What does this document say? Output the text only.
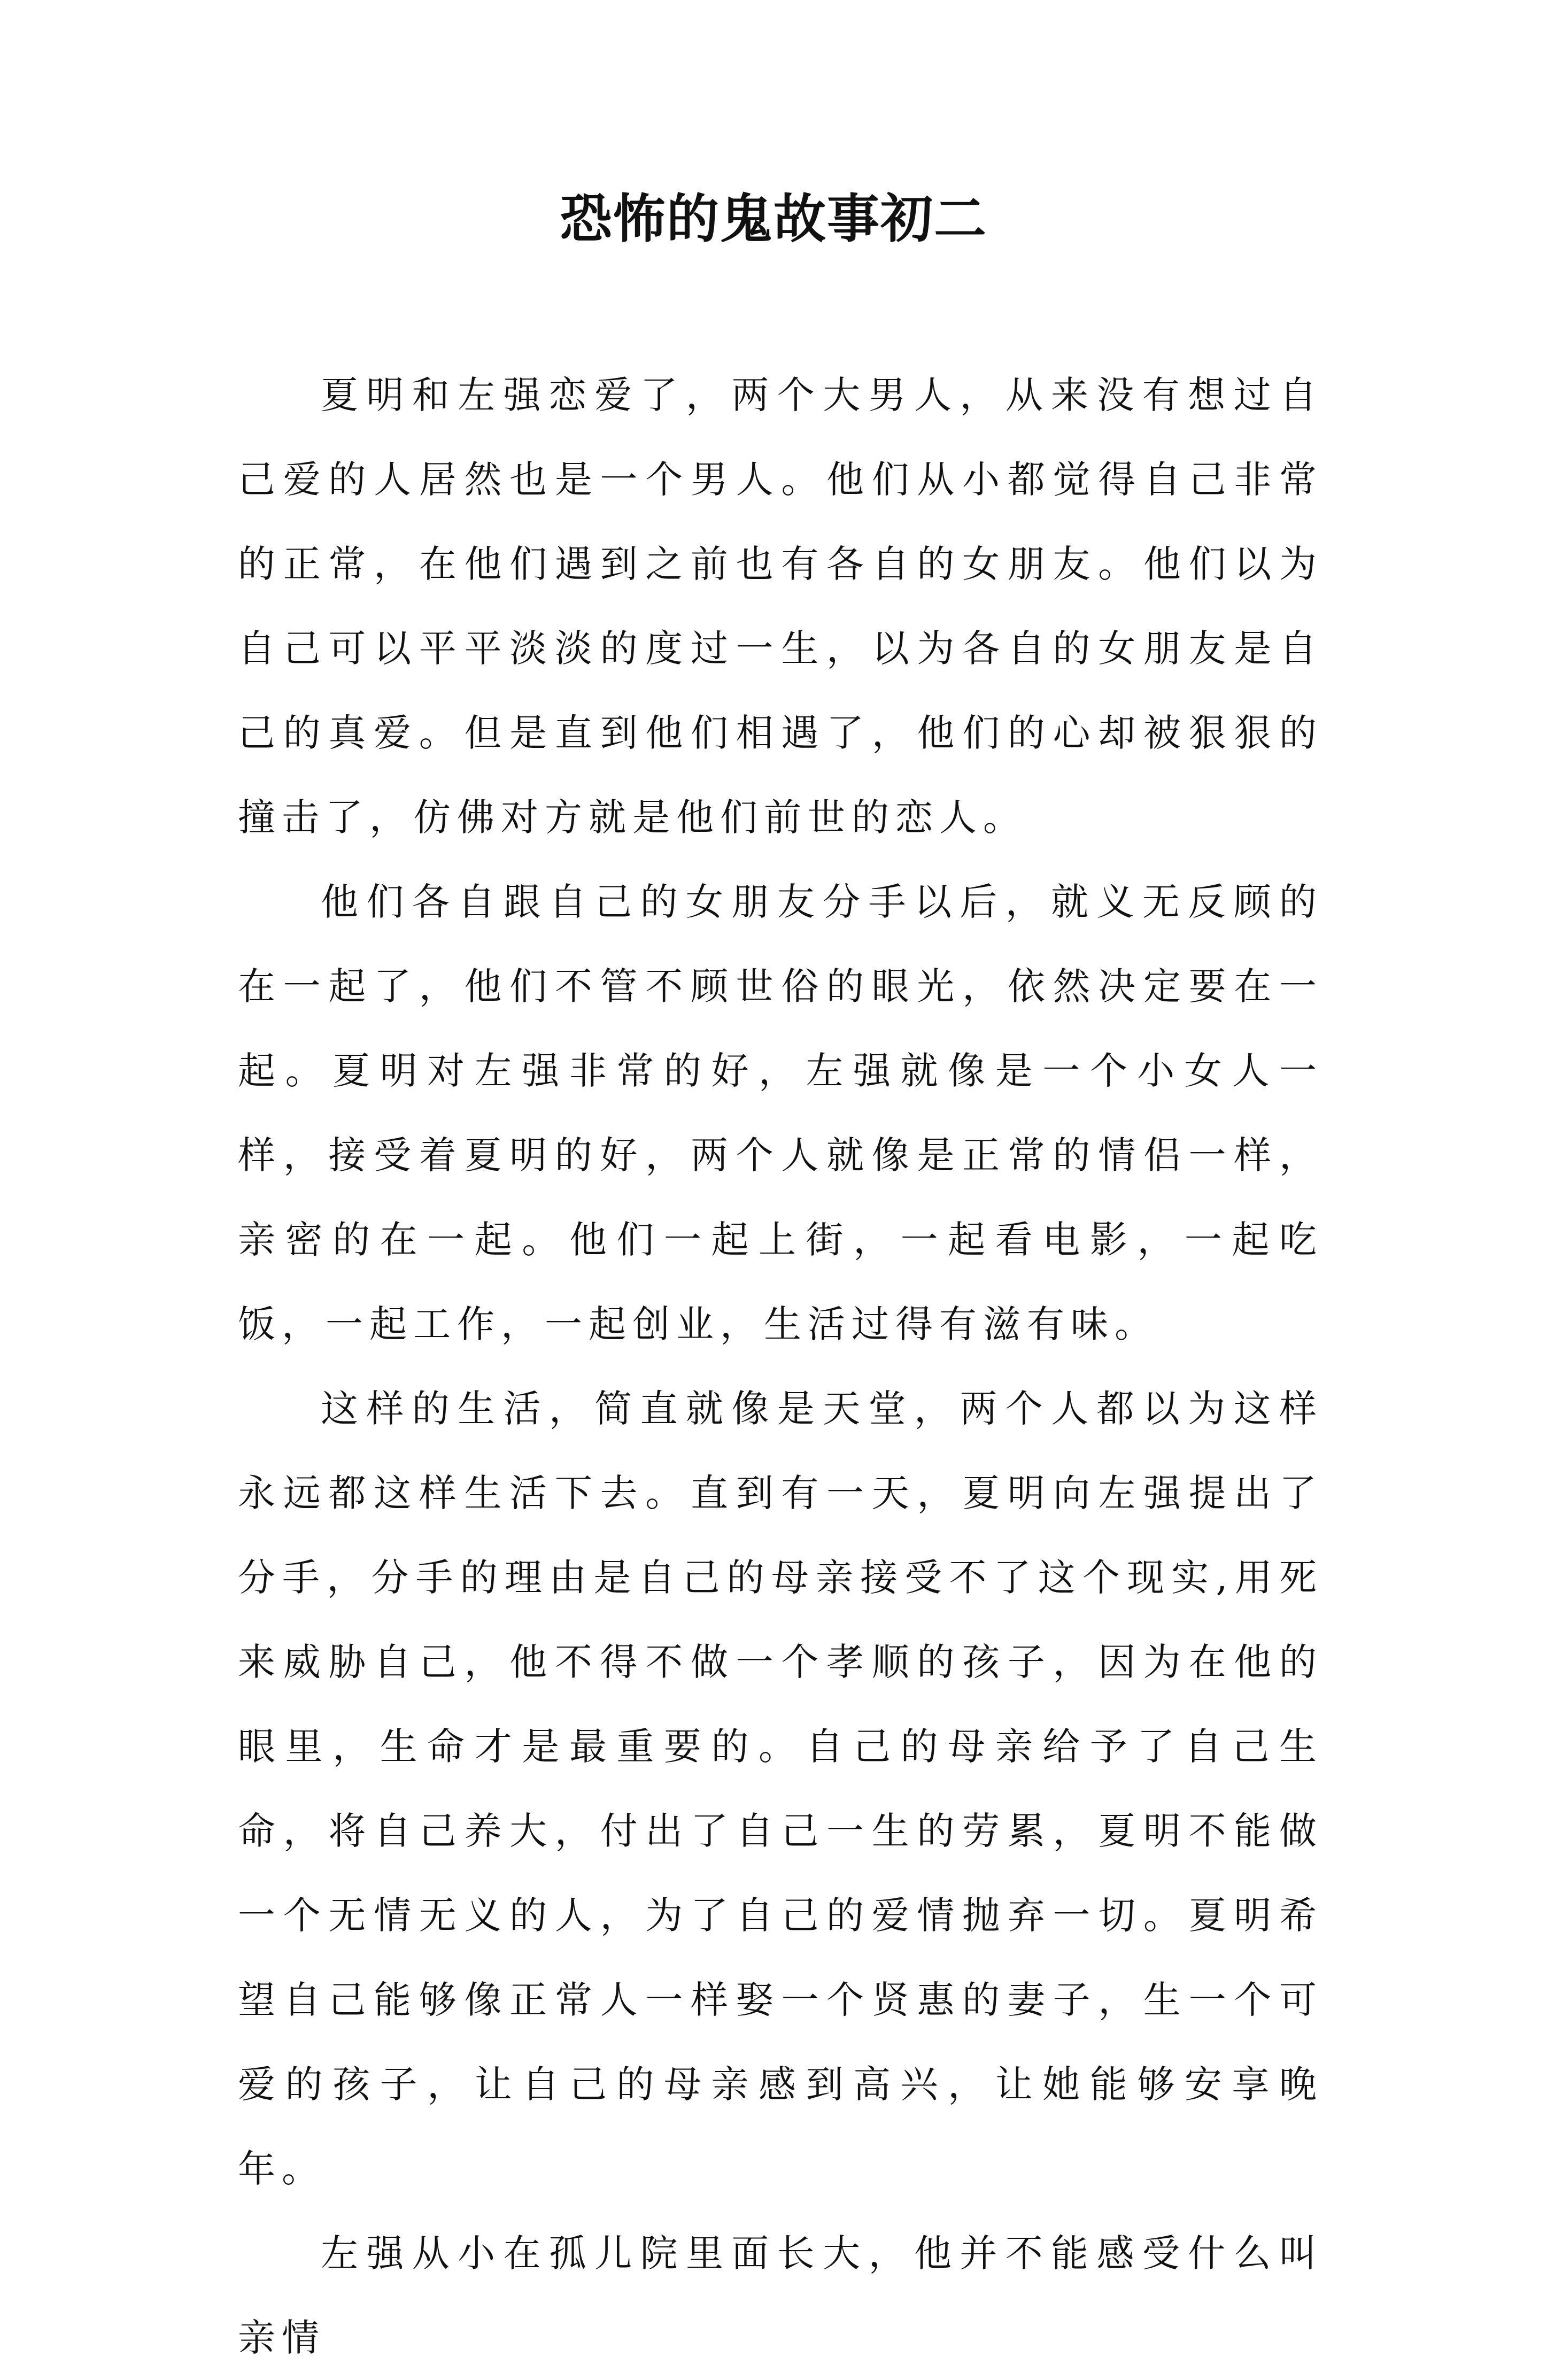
恐怖的鬼故事初二

夏明和左强恋爱了，两个大男人，从来没有想过自己爱的人居然也是一个男人。他们从小都觉得自己非常的正常，在他们遇到之前也有各自的女朋友。他们以为自己可以平平淡淡的度过一生，以为各自的女朋友是自己的真爱。但是直到他们相遇了，他们的心却被狠狠的撞击了，仿佛对方就是他们前世的恋人。

他们各自跟自己的女朋友分手以后，就义无反顾的在一起了，他们不管不顾世俗的眼光，依然决定要在一起。夏明对左强非常的好，左强就像是一个小女人一样，接受着夏明的好，两个人就像是正常的情侣一样，亲密的在一起。他们一起上街，一起看电影，一起吃饭，一起工作，一起创业，生活过得有滋有味。

这样的生活，简直就像是天堂，两个人都以为这样永远都这样生活下去。直到有一天，夏明向左强提出了分手，分手的理由是自己的母亲接受不了这个现实,用死来威胁自己，他不得不做一个孝顺的孩子，因为在他的眼里，生命才是最重要的。自己的母亲给予了自己生命，将自己养大，付出了自己一生的劳累，夏明不能做一个无情无义的人，为了自己的爱情抛弃一切。夏明希望自己能够像正常人一样娶一个贤惠的妻子，生一个可爱的孩子，让自己的母亲感到高兴，让她能够安享晚年。

左强从小在孤儿院里面长大，他并不能感受什么叫亲情
